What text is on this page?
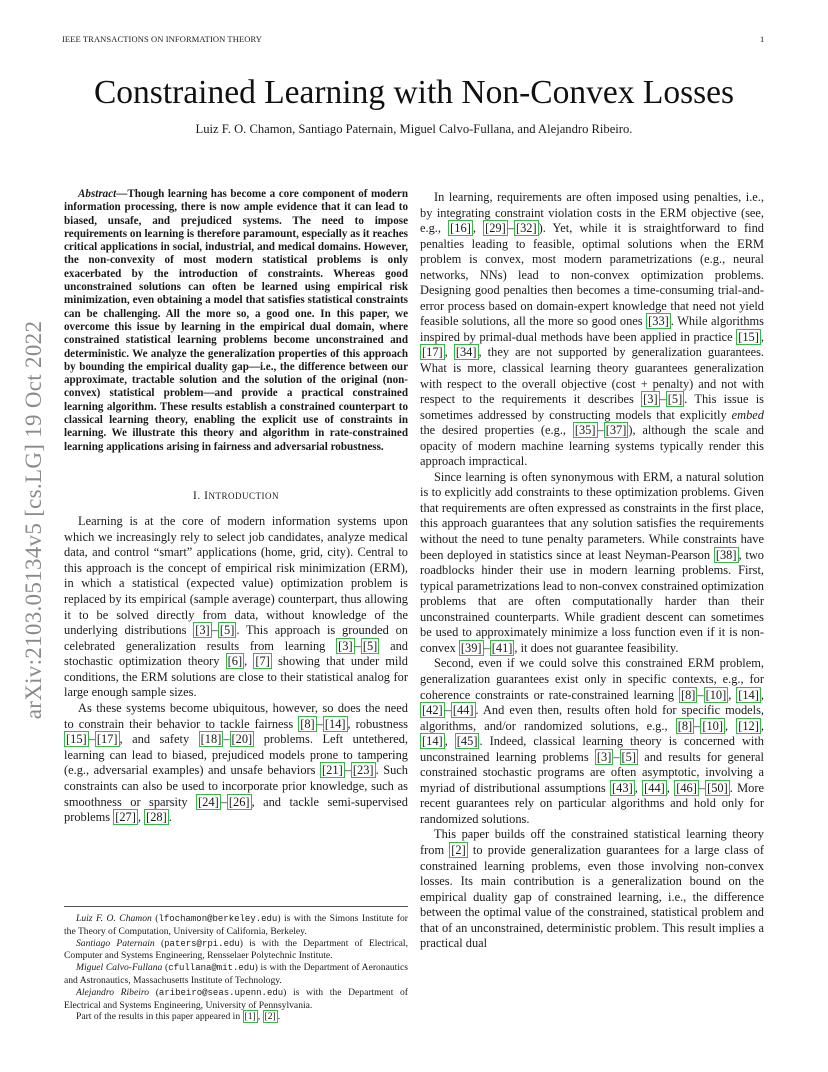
IEEE TRANSACTIONS ON INFORMATION THEORY	1
arXiv:2103.05134v5 [cs.LG] 19 Oct 2022
Constrained Learning with Non-Convex Losses
Luiz F. O. Chamon, Santiago Paternain, Miguel Calvo-Fullana, and Alejandro Ribeiro.

Abstract—Though learning has become a core component of modern information processing, there is now ample evidence that it can lead to biased, unsafe, and prejudiced systems. The need to impose requirements on learning is therefore paramount, especially as it reaches critical applications in social, industrial, and medical domains. However, the non-convexity of most modern statistical problems is only exacerbated by the introduction of constraints. Whereas good unconstrained solutions can often be learned using empirical risk minimization, even obtaining a model that satisfies statistical constraints can be challenging. All the more so, a good one. In this paper, we overcome this issue by learning in the empirical dual domain, where constrained statistical learning problems become unconstrained and deterministic. We analyze the generalization properties of this approach by bounding the empirical duality gap—i.e., the difference between our approximate, tractable solution and the solution of the original (non-convex) statistical problem—and provide a practical constrained learning algorithm. These results establish a constrained counterpart to classical learning theory, enabling the explicit use of constraints in learning. We illustrate this theory and algorithm in rate-constrained learning applications arising in fairness and adversarial robustness.

I. INTRODUCTION

Learning is at the core of modern information systems upon which we increasingly rely to select job candidates, analyze medical data, and control “smart” applications (home, grid, city). Central to this approach is the concept of empirical risk minimization (ERM), in which a statistical (expected value) optimization problem is replaced by its empirical (sample average) counterpart, thus allowing it to be solved directly from data, without knowledge of the underlying distributions [3] – [5] . This approach is grounded on celebrated generalization results from learning [3] – [5] and stochastic optimization theory [6] , [7] showing that under mild conditions, the ERM solutions are close to their statistical analog for large enough sample sizes.

As these systems become ubiquitous, however, so does the need to constrain their behavior to tackle fairness [8] – [14] , robustness [15] – [17] , and safety [18] – [20] problems. Left untethered, learning can lead to biased, prejudiced models prone to tampering (e.g., adversarial examples) and unsafe behaviors [21] – [23] . Such constraints can also be used to incorporate prior knowledge, such as smoothness or sparsity [24] – [26] , and tackle semi-supervised problems [27] , [28] .

In learning, requirements are often imposed using penalties, i.e., by integrating constraint violation costs in the ERM objective (see, e.g., [16] , [29] – [32] ). Yet, while it is straightforward to find penalties leading to feasible, optimal solutions when the ERM problem is convex, most modern parametrizations (e.g., neural networks, NNs) lead to non-convex optimization problems. Designing good penalties then becomes a time-consuming trial-and-error process based on domain-expert knowledge that need not yield feasible solutions, all the more so good ones [33] . While algorithms inspired by primal-dual methods have been applied in practice [15] , [17] , [34] , they are not supported by generalization guarantees. What is more, classical learning theory guarantees generalization with respect to the overall objective (cost + penalty) and not with respect to the requirements it describes [3] – [5] . This issue is sometimes addressed by constructing models that explicitly embed the desired properties (e.g., [35] – [37] ), although the scale and opacity of modern machine learning systems typically render this approach impractical.

Since learning is often synonymous with ERM, a natural solution is to explicitly add constraints to these optimization problems. Given that requirements are often expressed as constraints in the first place, this approach guarantees that any solution satisfies the requirements without the need to tune penalty parameters. While constraints have been deployed in statistics since at least Neyman-Pearson [38] , two roadblocks hinder their use in modern learning problems. First, typical parametrizations lead to non-convex constrained optimization problems that are often computationally harder than their unconstrained counterparts. While gradient descent can sometimes be used to approximately minimize a loss function even if it is non-convex [39] – [41] , it does not guarantee feasibility.

Second, even if we could solve this constrained ERM problem, generalization guarantees exist only in specific contexts, e.g., for coherence constraints or rate-constrained learning [8] – [10] , [14] , [42] – [44] . And even then, results often hold for specific models, algorithms, and/or randomized solutions, e.g., [8] – [10] , [12] , [14] , [45] . Indeed, classical learning theory is concerned with unconstrained learning problems [3] – [5] and results for general constrained stochastic programs are often asymptotic, involving a myriad of distributional assumptions [43] , [44] , [46] – [50] . More recent guarantees rely on particular algorithms and hold only for randomized solutions.

This paper builds off the constrained statistical learning theory from [2] to provide generalization guarantees for a large class of constrained learning problems, even those involving non-convex losses. Its main contribution is a generalization bound on the empirical duality gap of constrained learning, i.e., the difference between the optimal value of the constrained, statistical problem and that of an unconstrained, deterministic problem. This result implies a practical dual

Luiz F. O. Chamon (lfochamon@berkeley.edu) is with the Simons Institute for the Theory of Computation, University of California, Berkeley.

Santiago Paternain (paters@rpi.edu) is with the Department of Electrical, Computer and Systems Engineering, Rensselaer Polytechnic Institute.

Miguel Calvo-Fullana (cfullana@mit.edu) is with the Department of Aeronautics and Astronautics, Massachusetts Institute of Technology.

Alejandro Ribeiro (aribeiro@seas.upenn.edu) is with the Department of Electrical and Systems Engineering, University of Pennsylvania.

Part of the results in this paper appeared in [1] , [2] .
